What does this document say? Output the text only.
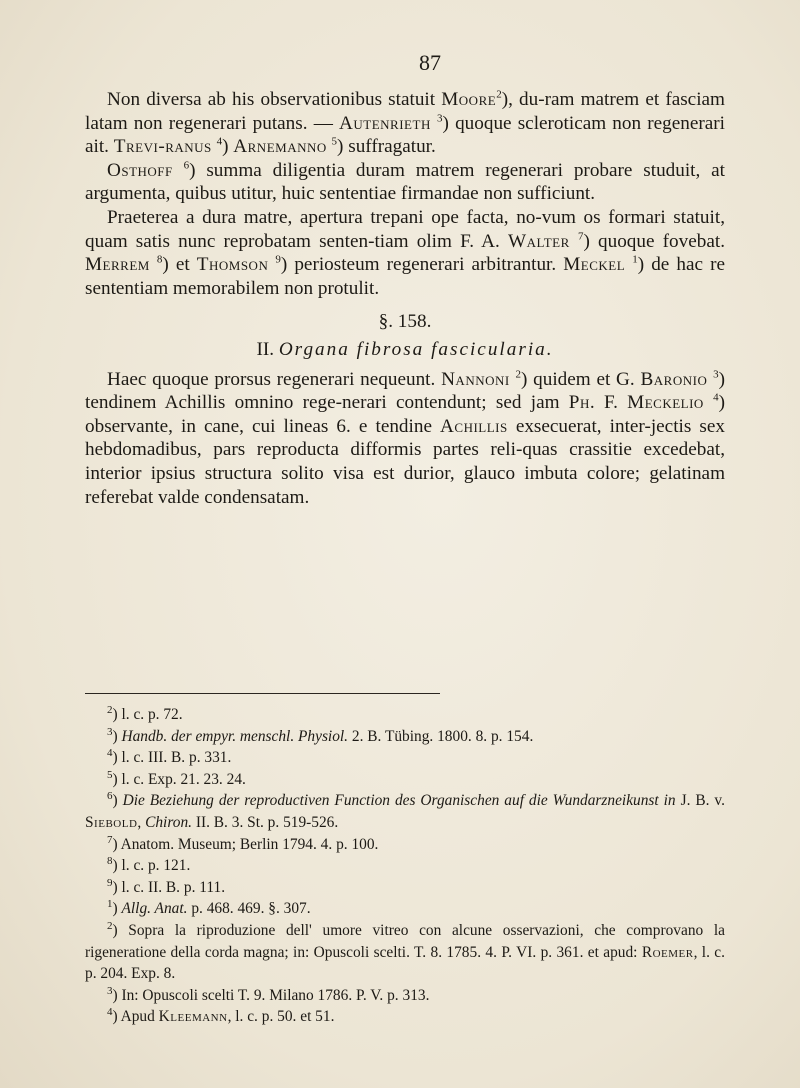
87

Non diversa ab his observationibus statuit Moore$^2$), du-ram matrem et fasciam latam non regenerari putans. — Autenrieth $^3$) quoque scleroticam non regenerari ait. Trevi-ranus $^4$) Arnemanno $^5$) suffragatur.

Osthoff $^6$) summa diligentia duram matrem regenerari probare studuit, at argumenta, quibus utitur, huic sententiae firmandae non sufficiunt.

Praeterea a dura matre, apertura trepani ope facta, no-vum os formari statuit, quam satis nunc reprobatam senten-tiam olim F. A. Walter $^7$) quoque fovebat. Merrem $^8$) et Thomson $^9$) periosteum regenerari arbitrantur. Meckel $^1$) de hac re sententiam memorabilem non protulit.

§. 158.

II. Organa fibrosa fascicularia.

Haec quoque prorsus regenerari nequeunt. Nannoni $^2$) quidem et G. Baronio $^3$) tendinem Achillis omnino rege-nerari contendunt; sed jam Ph. F. Meckelio $^4$) observante, in cane, cui lineas 6. e tendine Achillis exsecuerat, inter-jectis sex hebdomadibus, pars reproducta difformis partes reli-quas crassitie excedebat, interior ipsius structura solito visa est durior, glauco imbuta colore; gelatinam referebat valde condensatam.

$^2$) l. c. p. 72.

$^3$) Handb. der empyr. menschl. Physiol. 2. B. Tübing. 1800. 8. p. 154.

$^4$) l. c. III. B. p. 331.

$^5$) l. c. Exp. 21. 23. 24.

$^6$) Die Beziehung der reproductiven Function des Organischen auf die Wundarzneikunst in J. B. v. Siebold, Chiron. II. B. 3. St. p. 519-526.

$^7$) Anatom. Museum; Berlin 1794. 4. p. 100.

$^8$) l. c. p. 121.

$^9$) l. c. II. B. p. 111.

$^1$) Allg. Anat. p. 468. 469. §. 307.

$^2$) Sopra la riproduzione dell' umore vitreo con alcune osservazioni, che comprovano la rigeneratione della corda magna; in: Opuscoli scelti. T. 8. 1785. 4. P. VI. p. 361. et apud: Roemer, l. c. p. 204. Exp. 8.

$^3$) In: Opuscoli scelti T. 9. Milano 1786. P. V. p. 313.

$^4$) Apud Kleemann, l. c. p. 50. et 51.
